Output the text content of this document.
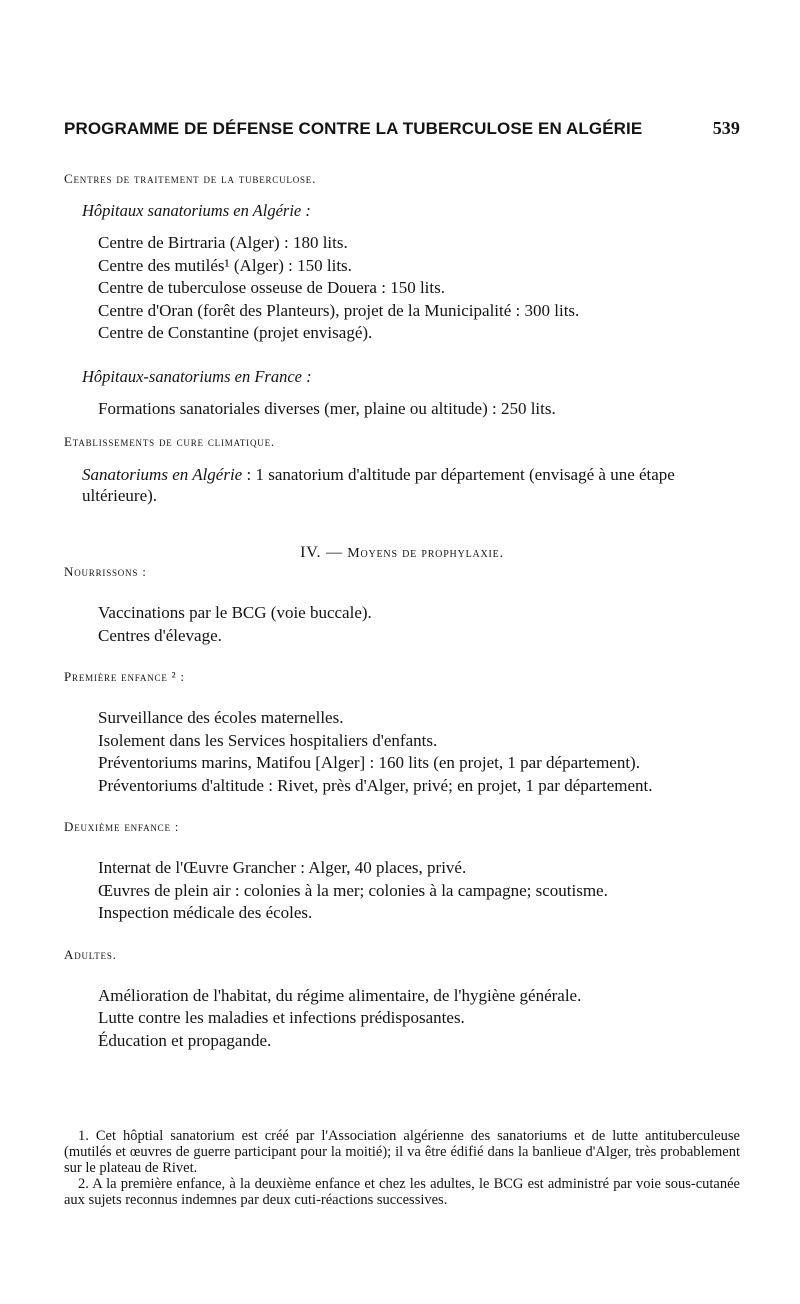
PROGRAMME DE DÉFENSE CONTRE LA TUBERCULOSE EN ALGÉRIE	539
Centres de traitement de la tuberculose.
Hôpitaux sanatoriums en Algérie :
Centre de Birtraria (Alger) : 180 lits.
Centre des mutilés¹ (Alger) : 150 lits.
Centre de tuberculose osseuse de Douera : 150 lits.
Centre d'Oran (forêt des Planteurs), projet de la Municipalité : 300 lits.
Centre de Constantine (projet envisagé).
Hôpitaux-sanatoriums en France :
Formations sanatoriales diverses (mer, plaine ou altitude) : 250 lits.
Etablissements de cure climatique.
Sanatoriums en Algérie : 1 sanatorium d'altitude par département (envisagé à une étape ultérieure).
IV. — Moyens de prophylaxie.
Nourrissons :
Vaccinations par le BCG (voie buccale).
Centres d'élevage.
Première enfance ² :
Surveillance des écoles maternelles.
Isolement dans les Services hospitaliers d'enfants.
Préventoriums marins, Matifou [Alger] : 160 lits (en projet, 1 par département).
Préventoriums d'altitude : Rivet, près d'Alger, privé; en projet, 1 par département.
Deuxième enfance :
Internat de l'Œuvre Grancher : Alger, 40 places, privé.
Œuvres de plein air : colonies à la mer; colonies à la campagne; scoutisme.
Inspection médicale des écoles.
Adultes.
Amélioration de l'habitat, du régime alimentaire, de l'hygiène générale.
Lutte contre les maladies et infections prédisposantes.
Éducation et propagande.

1. Cet hôptial sanatorium est créé par l'Association algérienne des sanatoriums et de lutte antituberculeuse (mutilés et œuvres de guerre participant pour la moitié); il va être édifié dans la banlieue d'Alger, très probablement sur le plateau de Rivet.

2. A la première enfance, à la deuxième enfance et chez les adultes, le BCG est administré par voie sous-cutanée aux sujets reconnus indemnes par deux cuti-réactions successives.
